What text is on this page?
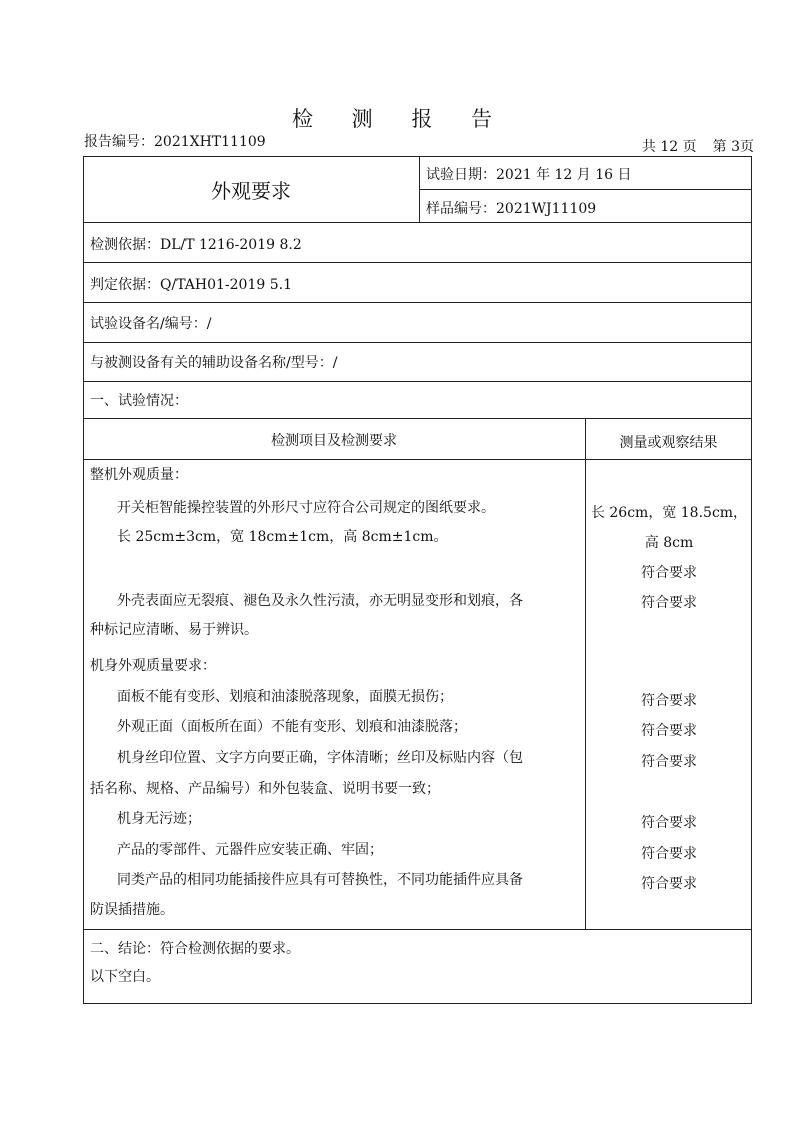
检 测 报 告
报告编号：2021XHT11109	共 12 页 第 3页
外观要求
试验日期：2021 年 12 月 16 日
样品编号：2021WJ11109
检测依据：DL/T 1216-2019 8.2
判定依据：Q/TAH01-2019 5.1
试验设备名/编号：/
与被测设备有关的辅助设备名称/型号：/
一、试验情况：
检测项目及检测要求	测量或观察结果
整机外观质量：
开关柜智能操控装置的外形尺寸应符合公司规定的图纸要求。
长 25cm±3cm，宽 18cm±1cm，高 8cm±1cm。
外壳表面应无裂痕、褪色及永久性污渍，亦无明显变形和划痕，各
种标记应清晰、易于辨识。
机身外观质量要求：
面板不能有变形、划痕和油漆脱落现象，面膜无损伤；
外观正面（面板所在面）不能有变形、划痕和油漆脱落；
机身丝印位置、文字方向要正确，字体清晰；丝印及标贴内容（包
括名称、规格、产品编号）和外包装盒、说明书要一致；
机身无污迹；
产品的零部件、元器件应安装正确、牢固；
同类产品的相同功能插接件应具有可替换性，不同功能插件应具备
防误插措施。
长 26cm，宽 18.5cm，
高 8cm
符合要求
符合要求
符合要求
符合要求
符合要求
符合要求
符合要求
符合要求
二、结论：符合检测依据的要求。
以下空白。
